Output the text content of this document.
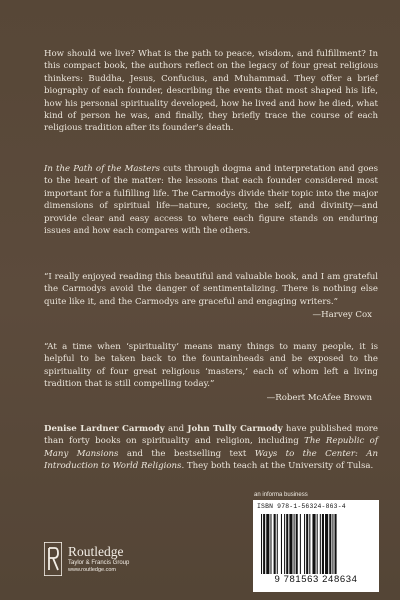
How should we live? What is the path to peace, wisdom, and fulfillment? In this compact book, the authors reflect on the legacy of four great religious thinkers: Buddha, Jesus, Confucius, and Muhammad. They offer a brief biography of each founder, describing the events that most shaped his life, how his personal spirituality developed, how he lived and how he died, what kind of person he was, and finally, they briefly trace the course of each religious tradition after its founder's death.

In the Path of the Masters cuts through dogma and interpretation and goes to the heart of the matter: the lessons that each founder considered most important for a fulfilling life. The Carmodys divide their topic into the major dimensions of spiritual life—nature, society, the self, and divinity—and provide clear and easy access to where each figure stands on enduring issues and how each compares with the others.

“I really enjoyed reading this beautiful and valuable book, and I am grateful the Carmodys avoid the danger of sentimentalizing. There is nothing else quite like it, and the Carmodys are graceful and engaging writers.”

—Harvey Cox

“At a time when ‘spirituality’ means many things to many people, it is helpful to be taken back to the fountainheads and be exposed to the spirituality of four great religious ‘masters,’ each of whom left a living tradition that is still compelling today.”

—Robert McAfee Brown

Denise Lardner Carmody and John Tully Carmody have published more than forty books on spirituality and religion, including The Republic of Many Mansions and the bestselling text Ways to the Center: An Introduction to World Religions. They both teach at the University of Tulsa.

Routledge
Taylor & Francis Group
www.routledge.com
an informa business
ISBN 978-1-56324-863-4
9 781563 248634
